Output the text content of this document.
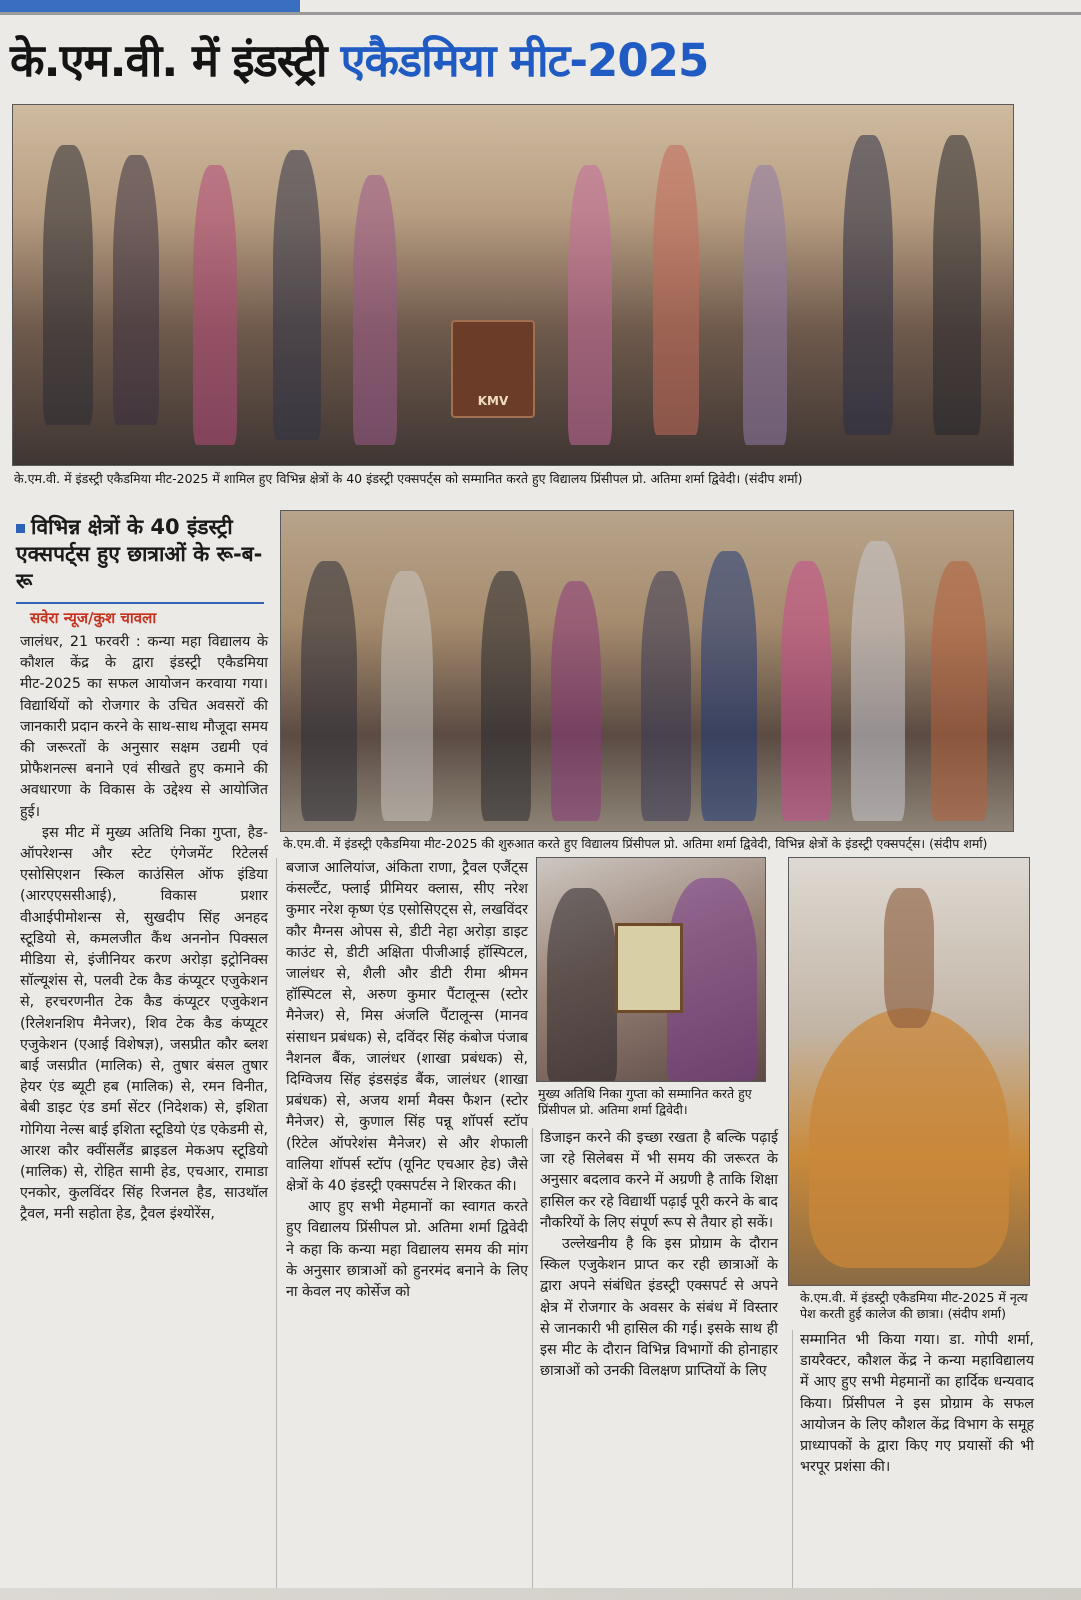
के.एम.वी. में इंडस्ट्री एकैडमिया मीट-2025
KMV
के.एम.वी. में इंडस्ट्री एकैडमिया मीट-2025 में शामिल हुए विभिन्न क्षेत्रों के 40 इंडस्ट्री एक्सपर्ट्स को सम्मानित करते हुए विद्यालय प्रिंसीपल प्रो. अतिमा शर्मा द्विवेदी। (संदीप शर्मा)
विभिन्न क्षेत्रों के 40 इंडस्ट्री एक्सपर्ट्स हुए छात्राओं के रू-ब-रू
सवेरा न्यूज/कुश चावला
के.एम.वी. में इंडस्ट्री एकैडमिया मीट-2025 की शुरुआत करते हुए विद्यालय प्रिंसीपल प्रो. अतिमा शर्मा द्विवेदी, विभिन्न क्षेत्रों के इंडस्ट्री एक्सपर्ट्स। (संदीप शर्मा)
मुख्य अतिथि निका गुप्ता को सम्मानित करते हुए प्रिंसीपल प्रो. अतिमा शर्मा द्विवेदी।
के.एम.वी. में इंडस्ट्री एकैडमिया मीट-2025 में नृत्य पेश करती हुई कालेज की छात्रा। (संदीप शर्मा)

जालंधर, 21 फरवरी : कन्या महा विद्यालय के कौशल केंद्र के द्वारा इंडस्ट्री एकैडमिया मीट-2025 का सफल आयोजन करवाया गया। विद्यार्थियों को रोजगार के उचित अवसरों की जानकारी प्रदान करने के साथ-साथ मौजूदा समय की जरूरतों के अनुसार सक्षम उद्यमी एवं प्रोफैशनल्स बनाने एवं सीखते हुए कमाने की अवधारणा के विकास के उद्देश्य से आयोजित हुई।

इस मीट में मुख्य अतिथि निका गुप्ता, हैड-ऑपरेशन्स और स्टेट एंगेजमेंट रिटेलर्स एसोसिएशन स्किल काउंसिल ऑफ इंडिया (आरएएससीआई), विकास प्रशार वीआईपीमोशन्स से, सुखदीप सिंह अनहद स्टूडियो से, कमलजीत कैंथ अननोन पिक्सल मीडिया से, इंजीनियर करण अरोड़ा इट्रोनिक्स सॉल्यूशंस से, पलवी टेक कैड कंप्यूटर एजुकेशन से, हरचरणनीत टेक कैड कंप्यूटर एजुकेशन (रिलेशनशिप मैनेजर), शिव टेक कैड कंप्यूटर एजुकेशन (एआई विशेषज्ञ), जसप्रीत कौर ब्लश बाई जसप्रीत (मालिक) से, तुषार बंसल तुषार हेयर एंड ब्यूटी हब (मालिक) से, रमन विनीत, बेबी डाइट एंड डर्मा सेंटर (निदेशक) से, इशिता गोगिया नेल्स बाई इशिता स्टूडियो एंड एकेडमी से, आरश कौर क्वींसलैंड ब्राइडल मेकअप स्टूडियो (मालिक) से, रोहित सामी हेड, एचआर, रामाडा एनकोर, कुलविंदर सिंह रिजनल हैड, साउथॉल ट्रैवल, मनी सहोता हेड, ट्रैवल इंश्योरेंस,

बजाज आलियांज, अंकिता राणा, ट्रैवल एजैंट्स कंसल्टैंट, फ्लाई प्रीमियर क्लास, सीए नरेश कुमार नरेश कृष्ण एंड एसोसिएट्स से, लखविंदर कौर मैग्नस ओपस से, डीटी नेहा अरोड़ा डाइट काउंट से, डीटी अक्षिता पीजीआई हॉस्पिटल, जालंधर से, शैली और डीटी रीमा श्रीमन हॉस्पिटल से, अरुण कुमार पैंटालून्स (स्टोर मैनेजर) से, मिस अंजलि पैंटालून्स (मानव संसाधन प्रबंधक) से, दविंदर सिंह कंबोज पंजाब नैशनल बैंक, जालंधर (शाखा प्रबंधक) से, दिग्विजय सिंह इंडसइंड बैंक, जालंधर (शाखा प्रबंधक) से, अजय शर्मा मैक्स फैशन (स्टोर मैनेजर) से, कुणाल सिंह पन्नू शॉपर्स स्टॉप (रिटेल ऑपरेशंस मैनेजर) से और शेफाली वालिया शॉपर्स स्टॉप (यूनिट एचआर हेड) जैसे क्षेत्रों के 40 इंडस्ट्री एक्सपर्टस ने शिरकत की।

आए हुए सभी मेहमानों का स्वागत करते हुए विद्यालय प्रिंसीपल प्रो. अतिमा शर्मा द्विवेदी ने कहा कि कन्या महा विद्यालय समय की मांग के अनुसार छात्राओं को हुनरमंद बनाने के लिए ना केवल नए कोर्सेज को

डिजाइन करने की इच्छा रखता है बल्कि पढ़ाई जा रहे सिलेबस में भी समय की जरूरत के अनुसार बदलाव करने में अग्रणी है ताकि शिक्षा हासिल कर रहे विद्यार्थी पढ़ाई पूरी करने के बाद नौकरियों के लिए संपूर्ण रूप से तैयार हो सकें।

उल्लेखनीय है कि इस प्रोग्राम के दौरान स्किल एजुकेशन प्राप्त कर रही छात्राओं के द्वारा अपने संबंधित इंडस्ट्री एक्सपर्ट से अपने क्षेत्र में रोजगार के अवसर के संबंध में विस्तार से जानकारी भी हासिल की गई। इसके साथ ही इस मीट के दौरान विभिन्न विभागों की होनाहार छात्राओं को उनकी विलक्षण प्राप्तियों के लिए

सम्मानित भी किया गया। डा. गोपी शर्मा, डायरैक्टर, कौशल केंद्र ने कन्या महाविद्यालय में आए हुए सभी मेहमानों का हार्दिक धन्यवाद किया। प्रिंसीपल ने इस प्रोग्राम के सफल आयोजन के लिए कौशल केंद्र विभाग के समूह प्राध्यापकों के द्वारा किए गए प्रयासों की भी भरपूर प्रशंसा की।
